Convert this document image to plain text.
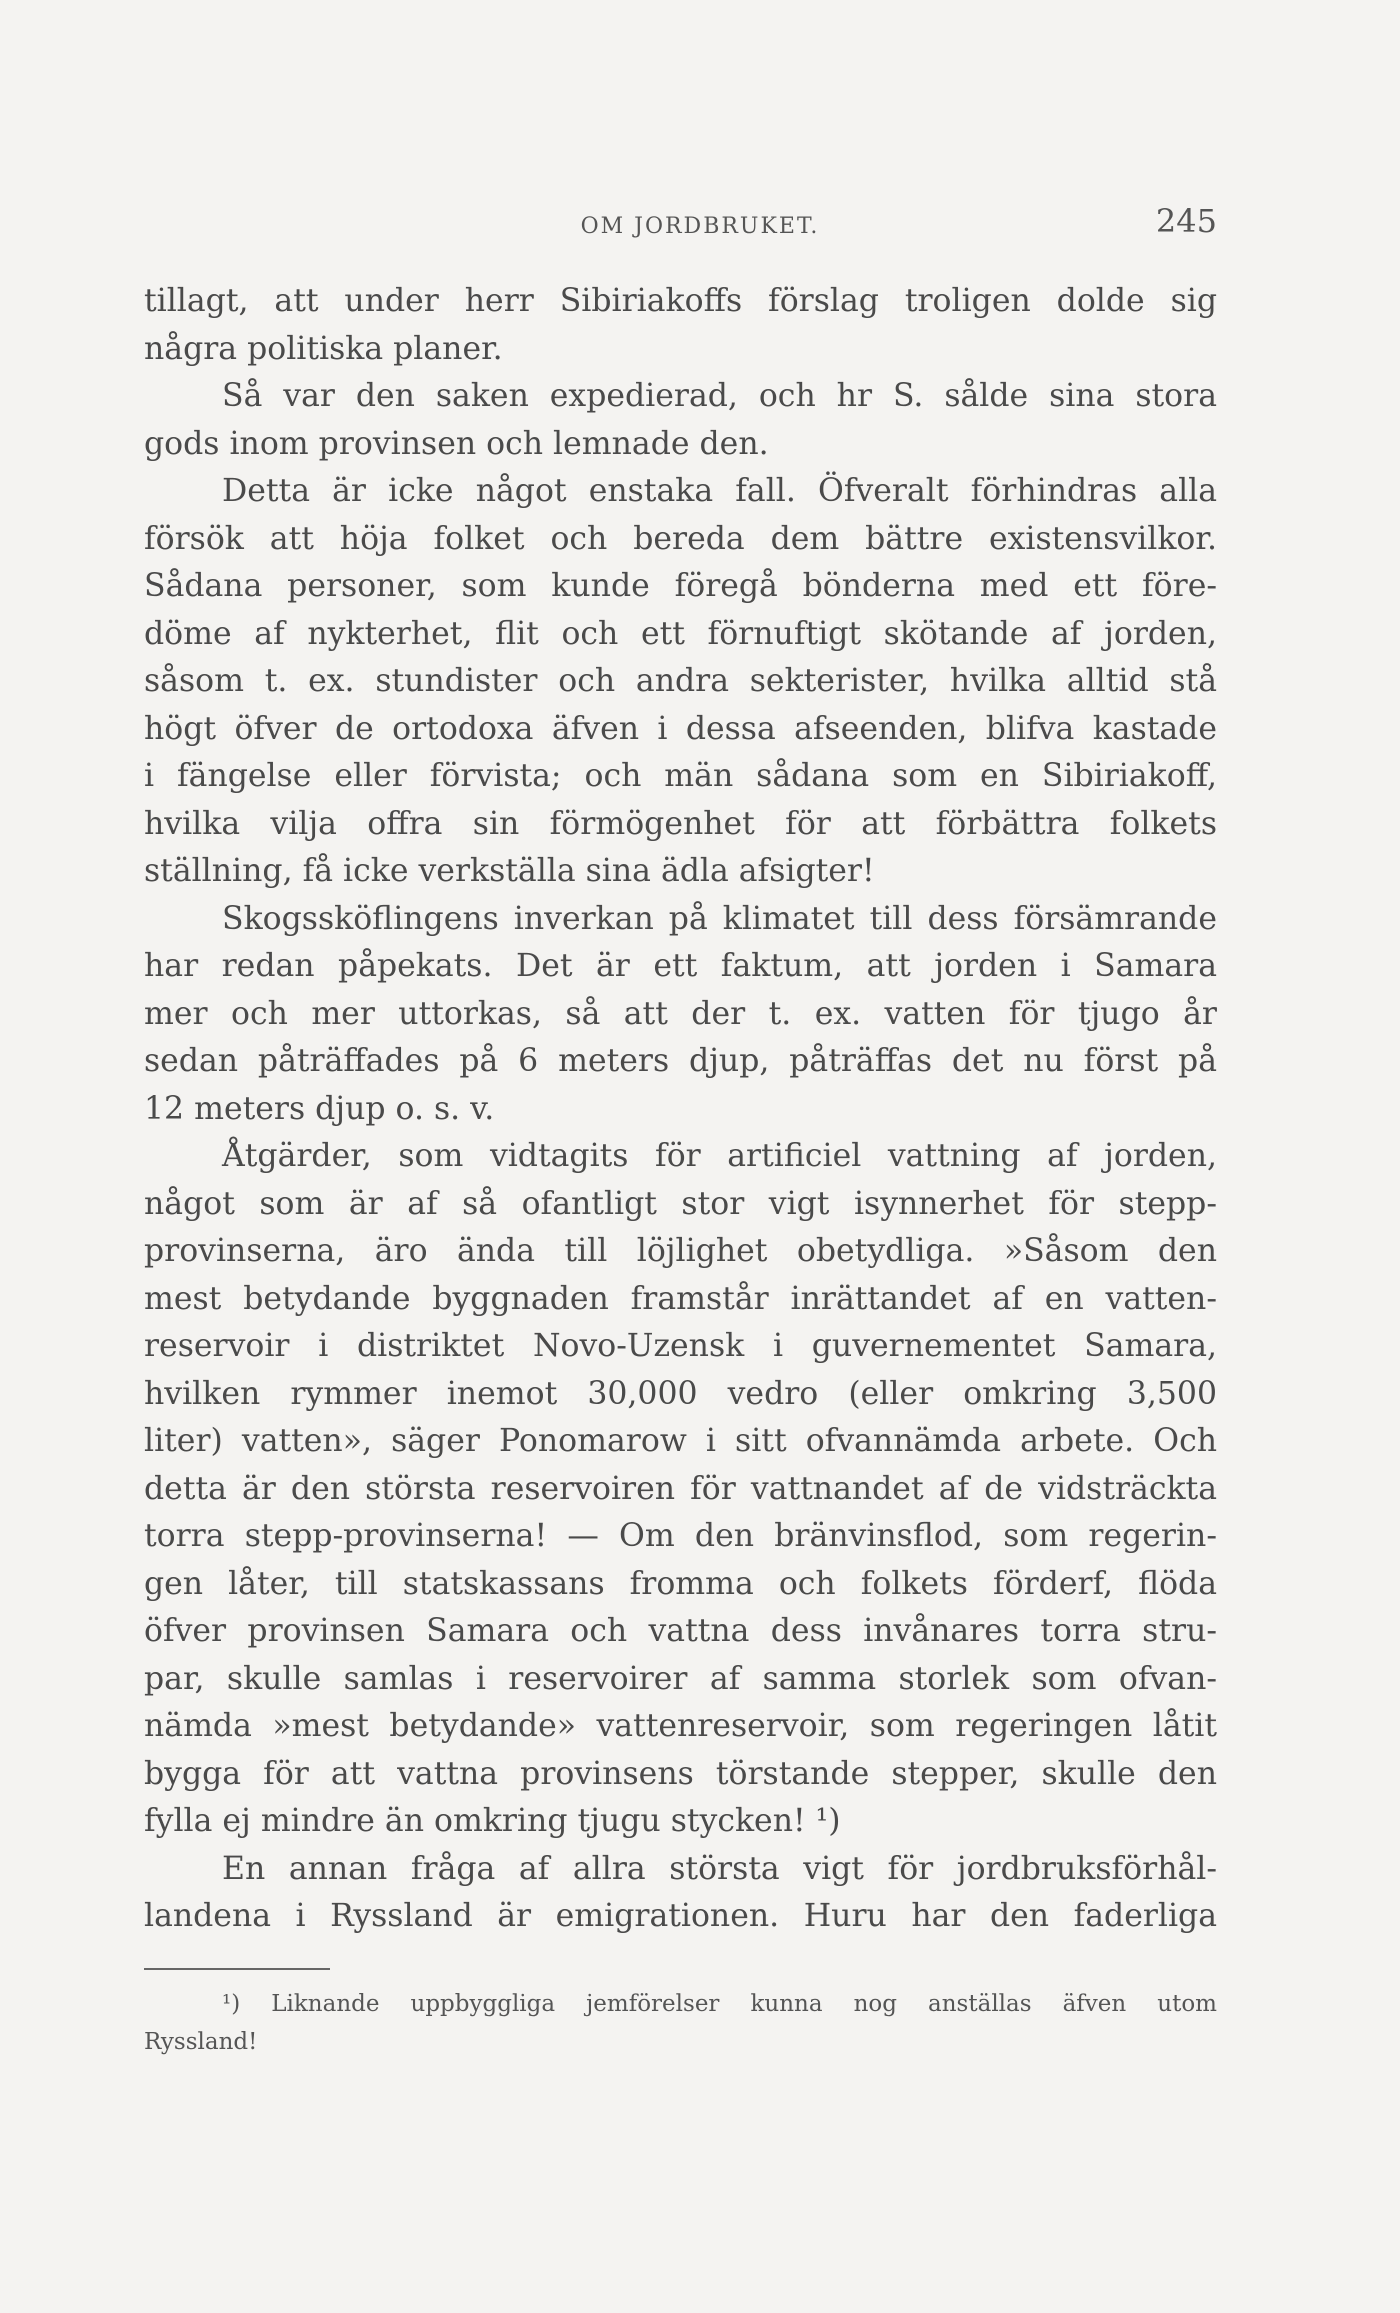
OM JORDBRUKET.	245
tillagt, att under herr Sibiriakoffs förslag troligen dolde sig
några politiska planer.
Så var den saken expedierad, och hr S. sålde sina stora
gods inom provinsen och lemnade den.
Detta är icke något enstaka fall. Öfveralt förhindras alla
försök att höja folket och bereda dem bättre existensvilkor.
Sådana personer, som kunde föregå bönderna med ett före-
döme af nykterhet, flit och ett förnuftigt skötande af jorden,
såsom t. ex. stundister och andra sekterister, hvilka alltid stå
högt öfver de ortodoxa äfven i dessa afseenden, blifva kastade
i fängelse eller förvista; och män sådana som en Sibiriakoff,
hvilka vilja offra sin förmögenhet för att förbättra folkets
ställning, få icke verkställa sina ädla afsigter!
Skogssköflingens inverkan på klimatet till dess försämrande
har redan påpekats. Det är ett faktum, att jorden i Samara
mer och mer uttorkas, så att der t. ex. vatten för tjugo år
sedan påträffades på 6 meters djup, påträffas det nu först på
12 meters djup o. s. v.
Åtgärder, som vidtagits för artificiel vattning af jorden,
något som är af så ofantligt stor vigt isynnerhet för stepp-
provinserna, äro ända till löjlighet obetydliga. »Såsom den
mest betydande byggnaden framstår inrättandet af en vatten-
reservoir i distriktet Novo-Uzensk i guvernementet Samara,
hvilken rymmer inemot 30,000 vedro (eller omkring 3,500
liter) vatten», säger Ponomarow i sitt ofvannämda arbete. Och
detta är den största reservoiren för vattnandet af de vidsträckta
torra stepp-provinserna! — Om den bränvinsflod, som regerin-
gen låter, till statskassans fromma och folkets förderf, flöda
öfver provinsen Samara och vattna dess invånares torra stru-
par, skulle samlas i reservoirer af samma storlek som ofvan-
nämda »mest betydande» vattenreservoir, som regeringen låtit
bygga för att vattna provinsens törstande stepper, skulle den
fylla ej mindre än omkring tjugu stycken! ¹)
En annan fråga af allra största vigt för jordbruksförhål-
landena i Ryssland är emigrationen. Huru har den faderliga
¹) Liknande uppbyggliga jemförelser kunna nog anställas äfven utom
Ryssland!
